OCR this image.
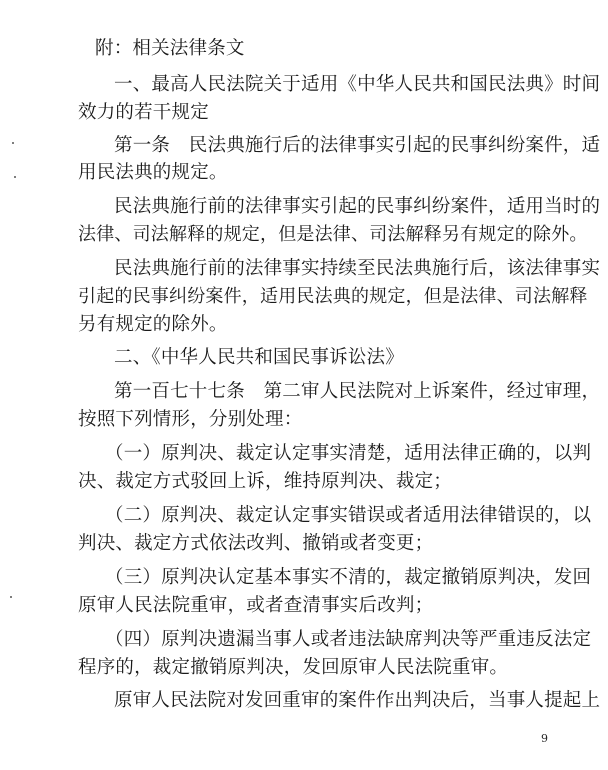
附：相关法律条文
一、最高人民法院关于适用《中华人民共和国民法典》时间
效力的若干规定
第一条　民法典施行后的法律事实引起的民事纠纷案件，适
用民法典的规定。
民法典施行前的法律事实引起的民事纠纷案件，适用当时的
法律、司法解释的规定，但是法律、司法解释另有规定的除外。
民法典施行前的法律事实持续至民法典施行后，该法律事实
引起的民事纠纷案件，适用民法典的规定，但是法律、司法解释
另有规定的除外。
二、《中华人民共和国民事诉讼法》
第一百七十七条　第二审人民法院对上诉案件，经过审理，
按照下列情形，分别处理：
（一）原判决、裁定认定事实清楚，适用法律正确的，以判
决、裁定方式驳回上诉，维持原判决、裁定；
（二）原判决、裁定认定事实错误或者适用法律错误的，以
判决、裁定方式依法改判、撤销或者变更；
（三）原判决认定基本事实不清的，裁定撤销原判决，发回
原审人民法院重审，或者查清事实后改判；
（四）原判决遗漏当事人或者违法缺席判决等严重违反法定
程序的，裁定撤销原判决，发回原审人民法院重审。
原审人民法院对发回重审的案件作出判决后，当事人提起上
9
